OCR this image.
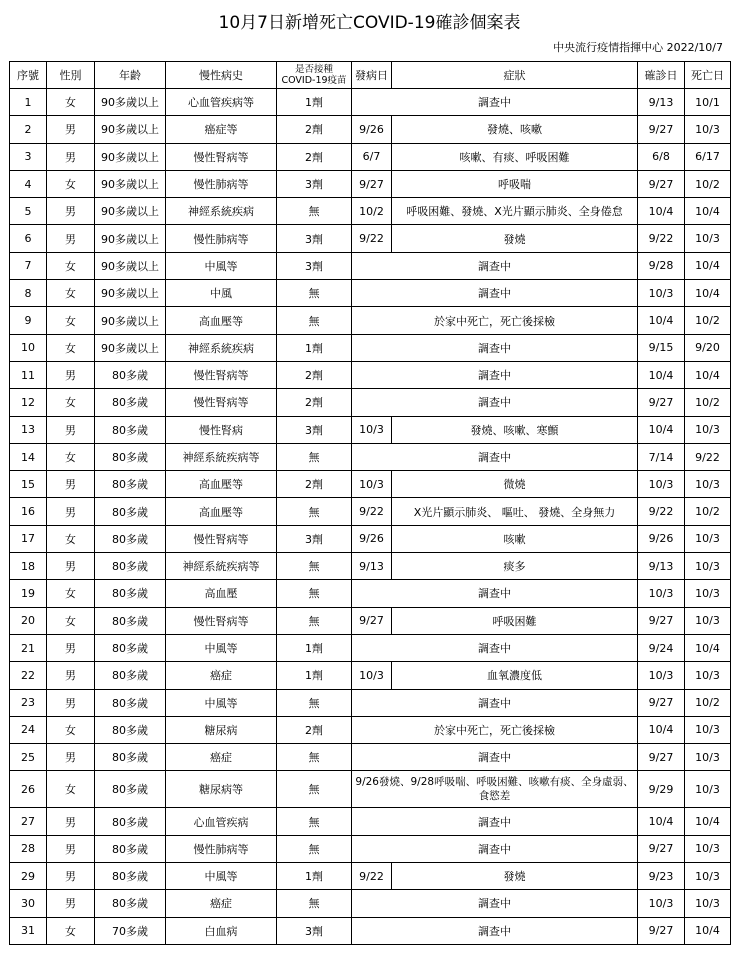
10月7日新增死亡COVID-19確診個案表
中央流行疫情指揮中心 2022/10/7
序號	性別	年齡	慢性病史	是否接種
COVID-19疫苗	發病日	症狀	確診日	死亡日
1	女	90多歲以上	心血管疾病等	1劑	調查中		9/13	10/1
2	男	90多歲以上	癌症等	2劑	9/26	發燒、咳嗽	9/27	10/3
3	男	90多歲以上	慢性腎病等	2劑	6/7	咳嗽、有痰、呼吸困難	6/8	6/17
4	女	90多歲以上	慢性肺病等	3劑	9/27	呼吸喘	9/27	10/2
5	男	90多歲以上	神經系統疾病	無	10/2	呼吸困難、發燒、X光片顯示肺炎、全身倦怠	10/4	10/4
6	男	90多歲以上	慢性肺病等	3劑	9/22	發燒	9/22	10/3
7	女	90多歲以上	中風等	3劑	調查中		9/28	10/4
8	女	90多歲以上	中風	無	調查中		10/3	10/4
9	女	90多歲以上	高血壓等	無	於家中死亡，死亡後採檢		10/4	10/2
10	女	90多歲以上	神經系統疾病	1劑	調查中		9/15	9/20
11	男	80多歲	慢性腎病等	2劑	調查中		10/4	10/4
12	女	80多歲	慢性腎病等	2劑	調查中		9/27	10/2
13	男	80多歲	慢性腎病	3劑	10/3	發燒、咳嗽、寒顫	10/4	10/3
14	女	80多歲	神經系統疾病等	無	調查中		7/14	9/22
15	男	80多歲	高血壓等	2劑	10/3	微燒	10/3	10/3
16	男	80多歲	高血壓等	無	9/22	X光片顯示肺炎、 嘔吐、 發燒、全身無力	9/22	10/2
17	女	80多歲	慢性腎病等	3劑	9/26	咳嗽	9/26	10/3
18	男	80多歲	神經系統疾病等	無	9/13	痰多	9/13	10/3
19	女	80多歲	高血壓	無	調查中		10/3	10/3
20	女	80多歲	慢性腎病等	無	9/27	呼吸困難	9/27	10/3
21	男	80多歲	中風等	1劑	調查中		9/24	10/4
22	男	80多歲	癌症	1劑	10/3	血氧濃度低	10/3	10/3
23	男	80多歲	中風等	無	調查中		9/27	10/2
24	女	80多歲	糖尿病	2劑	於家中死亡，死亡後採檢		10/4	10/3
25	男	80多歲	癌症	無	調查中		9/27	10/3
26	女	80多歲	糖尿病等	無	9/26發燒、9/28呼吸喘、呼吸困難、咳嗽有痰、全身虛弱、食慾差		9/29	10/3
27	男	80多歲	心血管疾病	無	調查中		10/4	10/4
28	男	80多歲	慢性肺病等	無	調查中		9/27	10/3
29	男	80多歲	中風等	1劑	9/22	發燒	9/23	10/3
30	男	80多歲	癌症	無	調查中		10/3	10/3
31	女	70多歲	白血病	3劑	調查中		9/27	10/4
